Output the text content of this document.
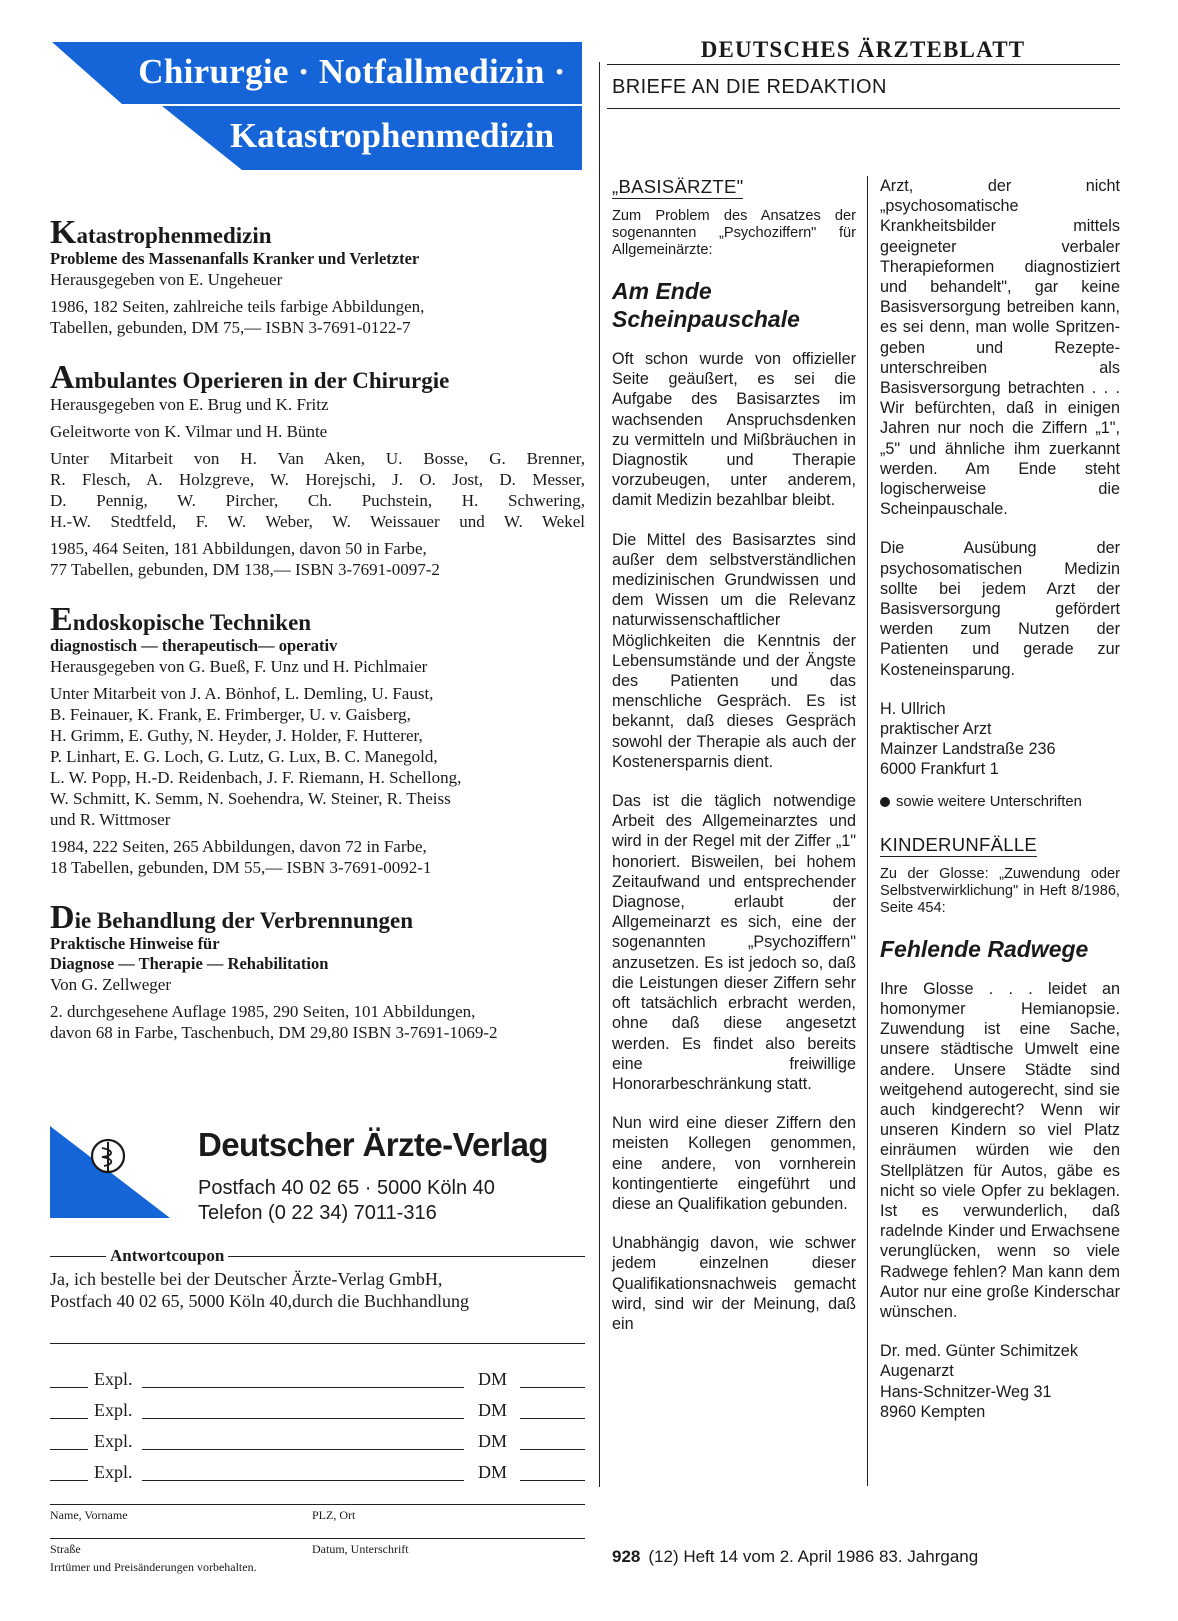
Chirurgie · Notfallmedizin ·
Katastrophenmedizin
Katastrophenmedizin
Probleme des Massenanfalls Kranker und Verletzter
Herausgegeben von E. Ungeheuer
1986, 182 Seiten, zahlreiche teils farbige Abbildungen,
Tabellen, gebunden, DM 75,— ISBN 3-7691-0122-7
Ambulantes Operieren in der Chirurgie
Herausgegeben von E. Brug und K. Fritz
Geleitworte von K. Vilmar und H. Bünte
Unter Mitarbeit von H. Van Aken, U. Bosse, G. Brenner,
R. Flesch, A. Holzgreve, W. Horejschi, J. O. Jost, D. Messer,
D. Pennig, W. Pircher, Ch. Puchstein, H. Schwering,
H.-W. Stedtfeld, F. W. Weber, W. Weissauer und W. Wekel
1985, 464 Seiten, 181 Abbildungen, davon 50 in Farbe,
77 Tabellen, gebunden, DM 138,— ISBN 3-7691-0097-2
Endoskopische Techniken
diagnostisch — therapeutisch— operativ
Herausgegeben von G. Bueß, F. Unz und H. Pichlmaier
Unter Mitarbeit von J. A. Bönhof, L. Demling, U. Faust,
B. Feinauer, K. Frank, E. Frimberger, U. v. Gaisberg,
H. Grimm, E. Guthy, N. Heyder, J. Holder, F. Hutterer,
P. Linhart, E. G. Loch, G. Lutz, G. Lux, B. C. Manegold,
L. W. Popp, H.-D. Reidenbach, J. F. Riemann, H. Schellong,
W. Schmitt, K. Semm, N. Soehendra, W. Steiner, R. Theiss
und R. Wittmoser
1984, 222 Seiten, 265 Abbildungen, davon 72 in Farbe,
18 Tabellen, gebunden, DM 55,— ISBN 3-7691-0092-1
Die Behandlung der Verbrennungen
Praktische Hinweise für
Diagnose — Therapie — Rehabilitation
Von G. Zellweger
2. durchgesehene Auflage 1985, 290 Seiten, 101 Abbildungen,
davon 68 in Farbe, Taschenbuch, DM 29,80 ISBN 3-7691-1069-2
Deutscher Ärzte-Verlag
Postfach 40 02 65 · 5000 Köln 40
Telefon (0 22 34) 7011-316
Antwortcoupon
Ja, ich bestelle bei der Deutscher Ärzte-Verlag GmbH,
Postfach 40 02 65, 5000 Köln 40,durch die Buchhandlung
Expl.	DM
Expl.	DM
Expl.	DM
Expl.	DM
Name, Vorname	PLZ, Ort
Straße	Datum, Unterschrift
Irrtümer und Preisänderungen vorbehalten.
DEUTSCHES ÄRZTEBLATT
BRIEFE AN DIE REDAKTION
„BASISÄRZTE"
Zum Problem des Ansatzes der sogenannten „Psychoziffern" für Allgemeinärzte:
Am Ende Scheinpauschale

Oft schon wurde von offizieller Seite geäußert, es sei die Aufgabe des Basisarztes im wachsenden Anspruchsdenken zu vermitteln und Mißbräuchen in Diagnostik und Therapie vorzubeugen, unter anderem, damit Medizin bezahlbar bleibt.

Die Mittel des Basisarztes sind außer dem selbstverständlichen medizinischen Grundwissen und dem Wissen um die Relevanz naturwissenschaftlicher Möglichkeiten die Kenntnis der Lebensumstände und der Ängste des Patienten und das menschliche Gespräch. Es ist bekannt, daß dieses Gespräch sowohl der Therapie als auch der Kostenersparnis dient.

Das ist die täglich notwendige Arbeit des Allgemeinarztes und wird in der Regel mit der Ziffer „1" honoriert. Bisweilen, bei hohem Zeitaufwand und entsprechender Diagnose, erlaubt der Allgemeinarzt es sich, eine der sogenannten „Psychoziffern" anzusetzen. Es ist jedoch so, daß die Leistungen dieser Ziffern sehr oft tatsächlich erbracht werden, ohne daß diese angesetzt werden. Es findet also bereits eine freiwillige Honorarbeschränkung statt.

Nun wird eine dieser Ziffern den meisten Kollegen genommen, eine andere, von vornherein kontingentierte eingeführt und diese an Qualifikation gebunden.

Unabhängig davon, wie schwer jedem einzelnen dieser Qualifikationsnachweis gemacht wird, sind wir der Meinung, daß ein

Arzt, der nicht „psychosomatische Krankheitsbilder mittels geeigneter verbaler Therapieformen diagnostiziert und behandelt", gar keine Basisversorgung betreiben kann, es sei denn, man wolle Spritzen-geben und Rezepte-unterschreiben als Basisversorgung betrachten . . . Wir befürchten, daß in einigen Jahren nur noch die Ziffern „1", „5" und ähnliche ihm zuerkannt werden. Am Ende steht logischerweise die Scheinpauschale.

Die Ausübung der psychosomatischen Medizin sollte bei jedem Arzt der Basisversorgung gefördert werden zum Nutzen der Patienten und gerade zur Kosteneinsparung.

H. Ullrich
praktischer Arzt
Mainzer Landstraße 236
6000 Frankfurt 1
sowie weitere Unterschriften
KINDERUNFÄLLE
Zu der Glosse: „Zuwendung oder Selbstverwirklichung" in Heft 8/1986, Seite 454:
Fehlende Radwege

Ihre Glosse . . . leidet an homonymer Hemianopsie. Zuwendung ist eine Sache, unsere städtische Umwelt eine andere. Unsere Städte sind weitgehend autogerecht, sind sie auch kindgerecht? Wenn wir unseren Kindern so viel Platz einräumen würden wie den Stellplätzen für Autos, gäbe es nicht so viele Opfer zu beklagen. Ist es verwunderlich, daß radelnde Kinder und Erwachsene verunglücken, wenn so viele Radwege fehlen? Man kann dem Autor nur eine große Kinderschar wünschen.

Dr. med. Günter Schimitzek
Augenarzt
Hans-Schnitzer-Weg 31
8960 Kempten
928 (12) Heft 14 vom 2. April 1986 83. Jahrgang
